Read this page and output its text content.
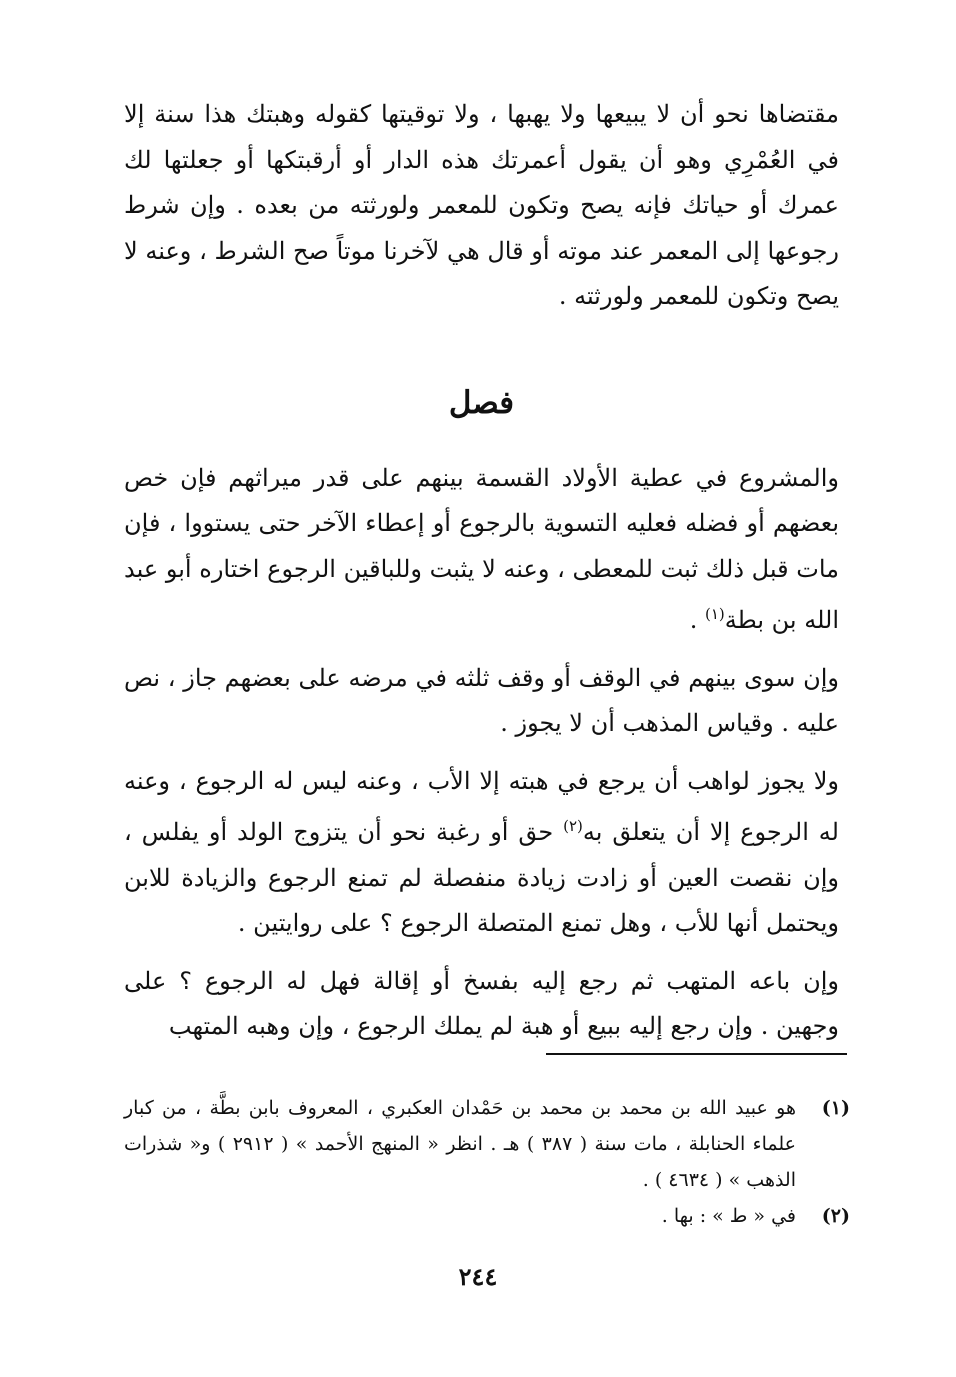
مقتضاها نحو أن لا يبيعها ولا يهبها ، ولا توقيتها كقوله وهبتك هذا سنة إلا في العُمْرِي وهو أن يقول أعمرتك هذه الدار أو أرقبتكها أو جعلتها لك عمرك أو حياتك فإنه يصح وتكون للمعمر ولورثته من بعده . وإن شرط رجوعها إلى المعمر عند موته أو قال هي لآخرنا موتاً صح الشرط ، وعنه لا يصح وتكون للمعمر ولورثته .

فصل

والمشروع في عطية الأولاد القسمة بينهم على قدر ميراثهم فإن خص بعضهم أو فضله فعليه التسوية بالرجوع أو إعطاء الآخر حتى يستووا ، فإن مات قبل ذلك ثبت للمعطى ، وعنه لا يثبت وللباقين الرجوع اختاره أبو عبد الله بن بطة$^{(١)}$ .

وإن سوى بينهم في الوقف أو وقف ثلثه في مرضه على بعضهم جاز ، نص عليه . وقياس المذهب أن لا يجوز .

ولا يجوز لواهب أن يرجع في هبته إلا الأب ، وعنه ليس له الرجوع ، وعنه له الرجوع إلا أن يتعلق به$^{(٢)}$ حق أو رغبة نحو أن يتزوج الولد أو يفلس ، وإن نقصت العين أو زادت زيادة منفصلة لم تمنع الرجوع والزيادة للابن ويحتمل أنها للأب ، وهل تمنع المتصلة الرجوع ؟ على روايتين .

وإن باعه المتهب ثم رجع إليه بفسخ أو إقالة فهل له الرجوع ؟ على وجهين . وإن رجع إليه ببيع أو هبة لم يملك الرجوع ، وإن وهبه المتهب

(١)
هو عبيد الله بن محمد بن محمد بن حَمْدان العكبري ، المعروف بابن بطَّة ، من كبار علماء الحنابلة ، مات سنة ( ٣٨٧ ) هـ . انظر « المنهج الأحمد » ( ٢٩١٢ ) و« شذرات الذهب » ( ٤٦٣٤ ) .
(٢)
في « ط » : بها .
٢٤٤
